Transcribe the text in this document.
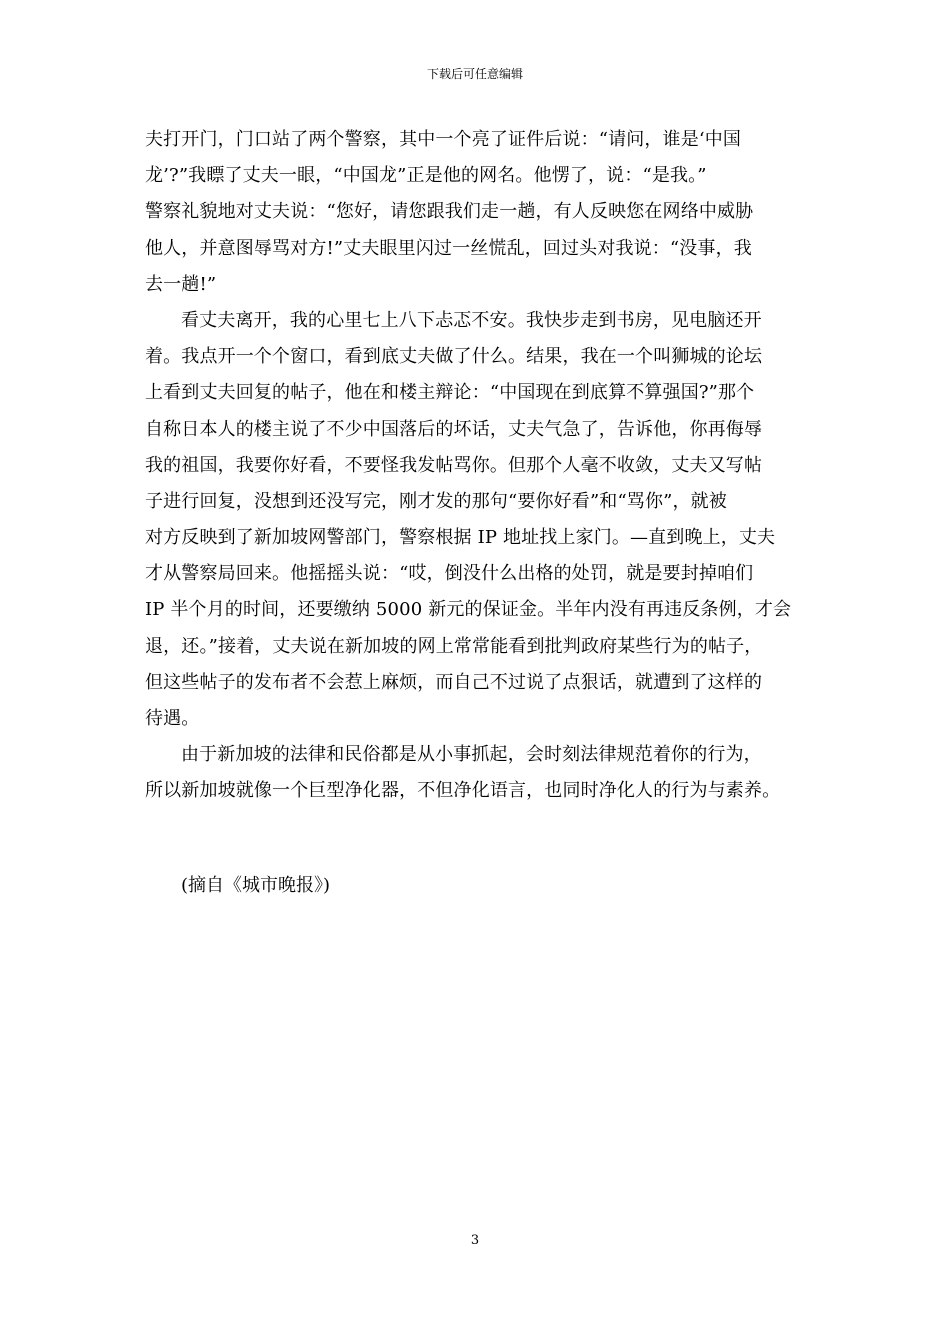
下载后可任意编辑
夫打开门，门口站了两个警察，其中一个亮了证件后说：“请问，谁是‘中国
龙’?”我瞟了丈夫一眼，“中国龙”正是他的网名。他愣了，说：“是我。”
警察礼貌地对丈夫说：“您好，请您跟我们走一趟，有人反映您在网络中威胁
他人，并意图辱骂对方!”丈夫眼里闪过一丝慌乱，回过头对我说：“没事，我
去一趟!”
看丈夫离开，我的心里七上八下忐忑不安。我快步走到书房，见电脑还开
着。我点开一个个窗口，看到底丈夫做了什么。结果，我在一个叫狮城的论坛
上看到丈夫回复的帖子，他在和楼主辩论：“中国现在到底算不算强国?”那个
自称日本人的楼主说了不少中国落后的坏话，丈夫气急了，告诉他，你再侮辱
我的祖国，我要你好看，不要怪我发帖骂你。但那个人毫不收敛，丈夫又写帖
子进行回复，没想到还没写完，刚才发的那句“要你好看”和“骂你”，就被
对方反映到了新加坡网警部门，警察根据 IP 地址找上家门。—直到晚上，丈夫
才从警察局回来。他摇摇头说：“哎，倒没什么出格的处罚，就是要封掉咱们
IP 半个月的时间，还要缴纳 5000 新元的保证金。半年内没有再违反条例，才会
退，还。”接着，丈夫说在新加坡的网上常常能看到批判政府某些行为的帖子，
但这些帖子的发布者不会惹上麻烦，而自己不过说了点狠话，就遭到了这样的
待遇。
由于新加坡的法律和民俗都是从小事抓起，会时刻法律规范着你的行为，
所以新加坡就像一个巨型净化器，不但净化语言，也同时净化人的行为与素养。
(摘自《城市晚报》)
3
